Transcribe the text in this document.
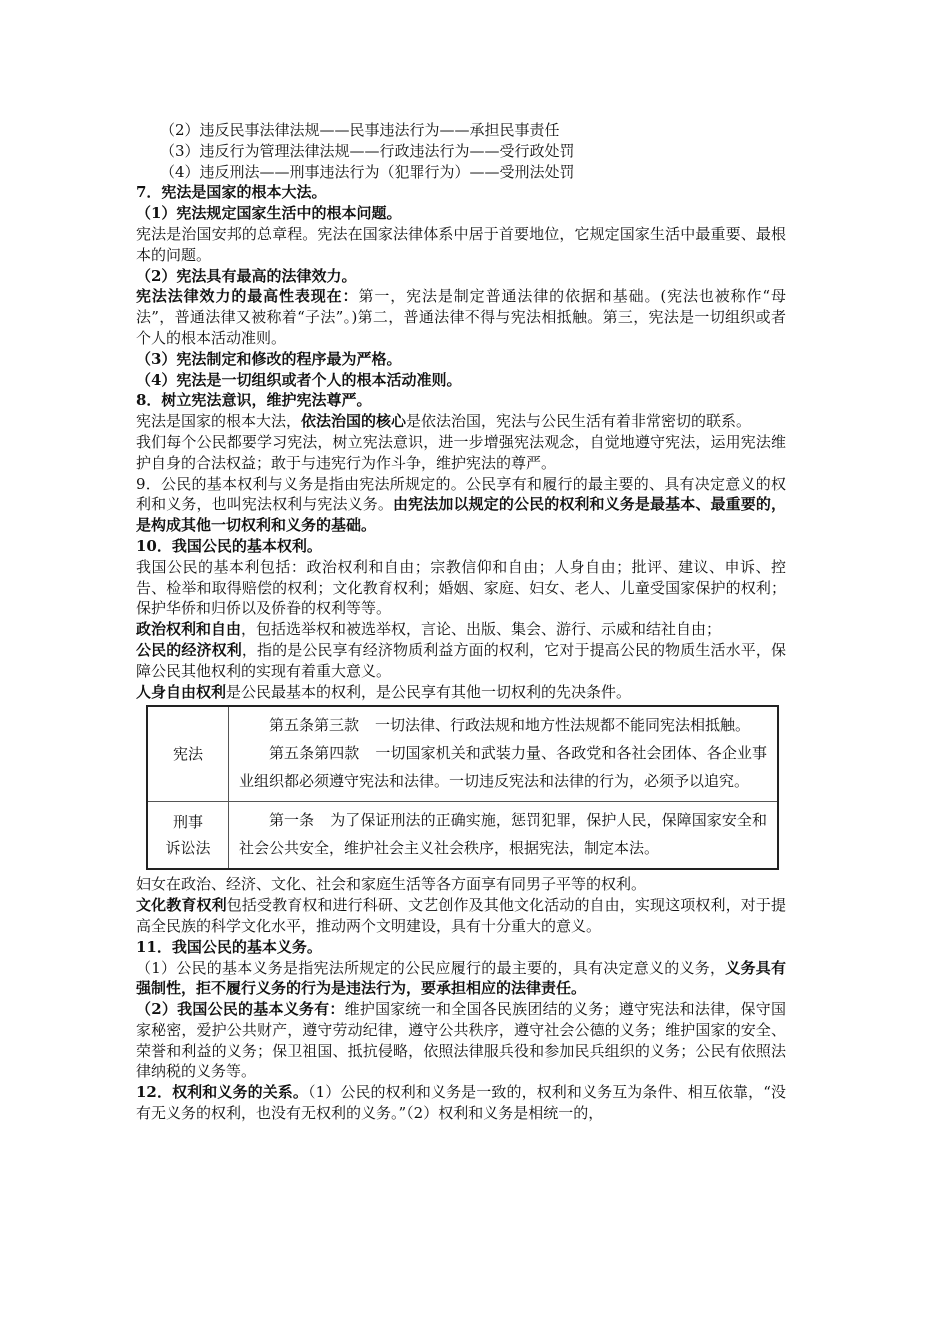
（2）违反民事法律法规——民事违法行为——承担民事责任
（3）违反行为管理法律法规——行政违法行为——受行政处罚
（4）违反刑法——刑事违法行为（犯罪行为）——受刑法处罚
7．宪法是国家的根本大法。
（1）宪法规定国家生活中的根本问题。
宪法是治国安邦的总章程。宪法在国家法律体系中居于首要地位，它规定国家生活中最重要、最根本的问题。
（2）宪法具有最高的法律效力。
宪法法律效力的最高性表现在：第一，宪法是制定普通法律的依据和基础。(宪法也被称作“母法”，普通法律又被称着“子法”。)第二，普通法律不得与宪法相抵触。第三，宪法是一切组织或者个人的根本活动准则。
（3）宪法制定和修改的程序最为严格。
（4）宪法是一切组织或者个人的根本活动准则。
8．树立宪法意识，维护宪法尊严。
宪法是国家的根本大法，依法治国的核心是依法治国，宪法与公民生活有着非常密切的联系。
我们每个公民都要学习宪法，树立宪法意识，进一步增强宪法观念，自觉地遵守宪法，运用宪法维护自身的合法权益；敢于与违宪行为作斗争，维护宪法的尊严。
9．公民的基本权利与义务是指由宪法所规定的。公民享有和履行的最主要的、具有决定意义的权利和义务，也叫宪法权利与宪法义务。由宪法加以规定的公民的权利和义务是最基本、最重要的，是构成其他一切权利和义务的基础。
10．我国公民的基本权利。
我国公民的基本利包括：政治权利和自由；宗教信仰和自由；人身自由；批评、建议、申诉、控告、检举和取得赔偿的权利；文化教育权利；婚姻、家庭、妇女、老人、儿童受国家保护的权利；保护华侨和归侨以及侨眷的权利等等。
政治权利和自由，包括选举权和被选举权，言论、出版、集会、游行、示威和结社自由；
公民的经济权利，指的是公民享有经济物质利益方面的权利，它对于提高公民的物质生活水平，保障公民其他权利的实现有着重大意义。
人身自由权利是公民最基本的权利，是公民享有其他一切权利的先决条件。
宪法	第五条第三款 一切法律、行政法规和地方性法规都不能同宪法相抵触。
第五条第四款 一切国家机关和武装力量、各政党和各社会团体、各企业事业组织都必须遵守宪法和法律。一切违反宪法和法律的行为，必须予以追究。

刑事
诉讼法	第一条 为了保证刑法的正确实施，惩罚犯罪，保护人民，保障国家安全和社会公共安全，维护社会主义社会秩序，根据宪法，制定本法。
妇女在政治、经济、文化、社会和家庭生活等各方面享有同男子平等的权利。
文化教育权利包括受教育权和进行科研、文艺创作及其他文化活动的自由，实现这项权利，对于提高全民族的科学文化水平，推动两个文明建设，具有十分重大的意义。
11．我国公民的基本义务。
（1）公民的基本义务是指宪法所规定的公民应履行的最主要的，具有决定意义的义务，义务具有强制性，拒不履行义务的行为是违法行为，要承担相应的法律责任。
（2）我国公民的基本义务有：维护国家统一和全国各民族团结的义务；遵守宪法和法律，保守国家秘密，爱护公共财产，遵守劳动纪律，遵守公共秩序，遵守社会公德的义务；维护国家的安全、荣誉和利益的义务；保卫祖国、抵抗侵略，依照法律服兵役和参加民兵组织的义务；公民有依照法律纳税的义务等。
12．权利和义务的关系。（1）公民的权利和义务是一致的，权利和义务互为条件、相互依靠，“没有无义务的权利，也没有无权利的义务。”（2）权利和义务是相统一的，
